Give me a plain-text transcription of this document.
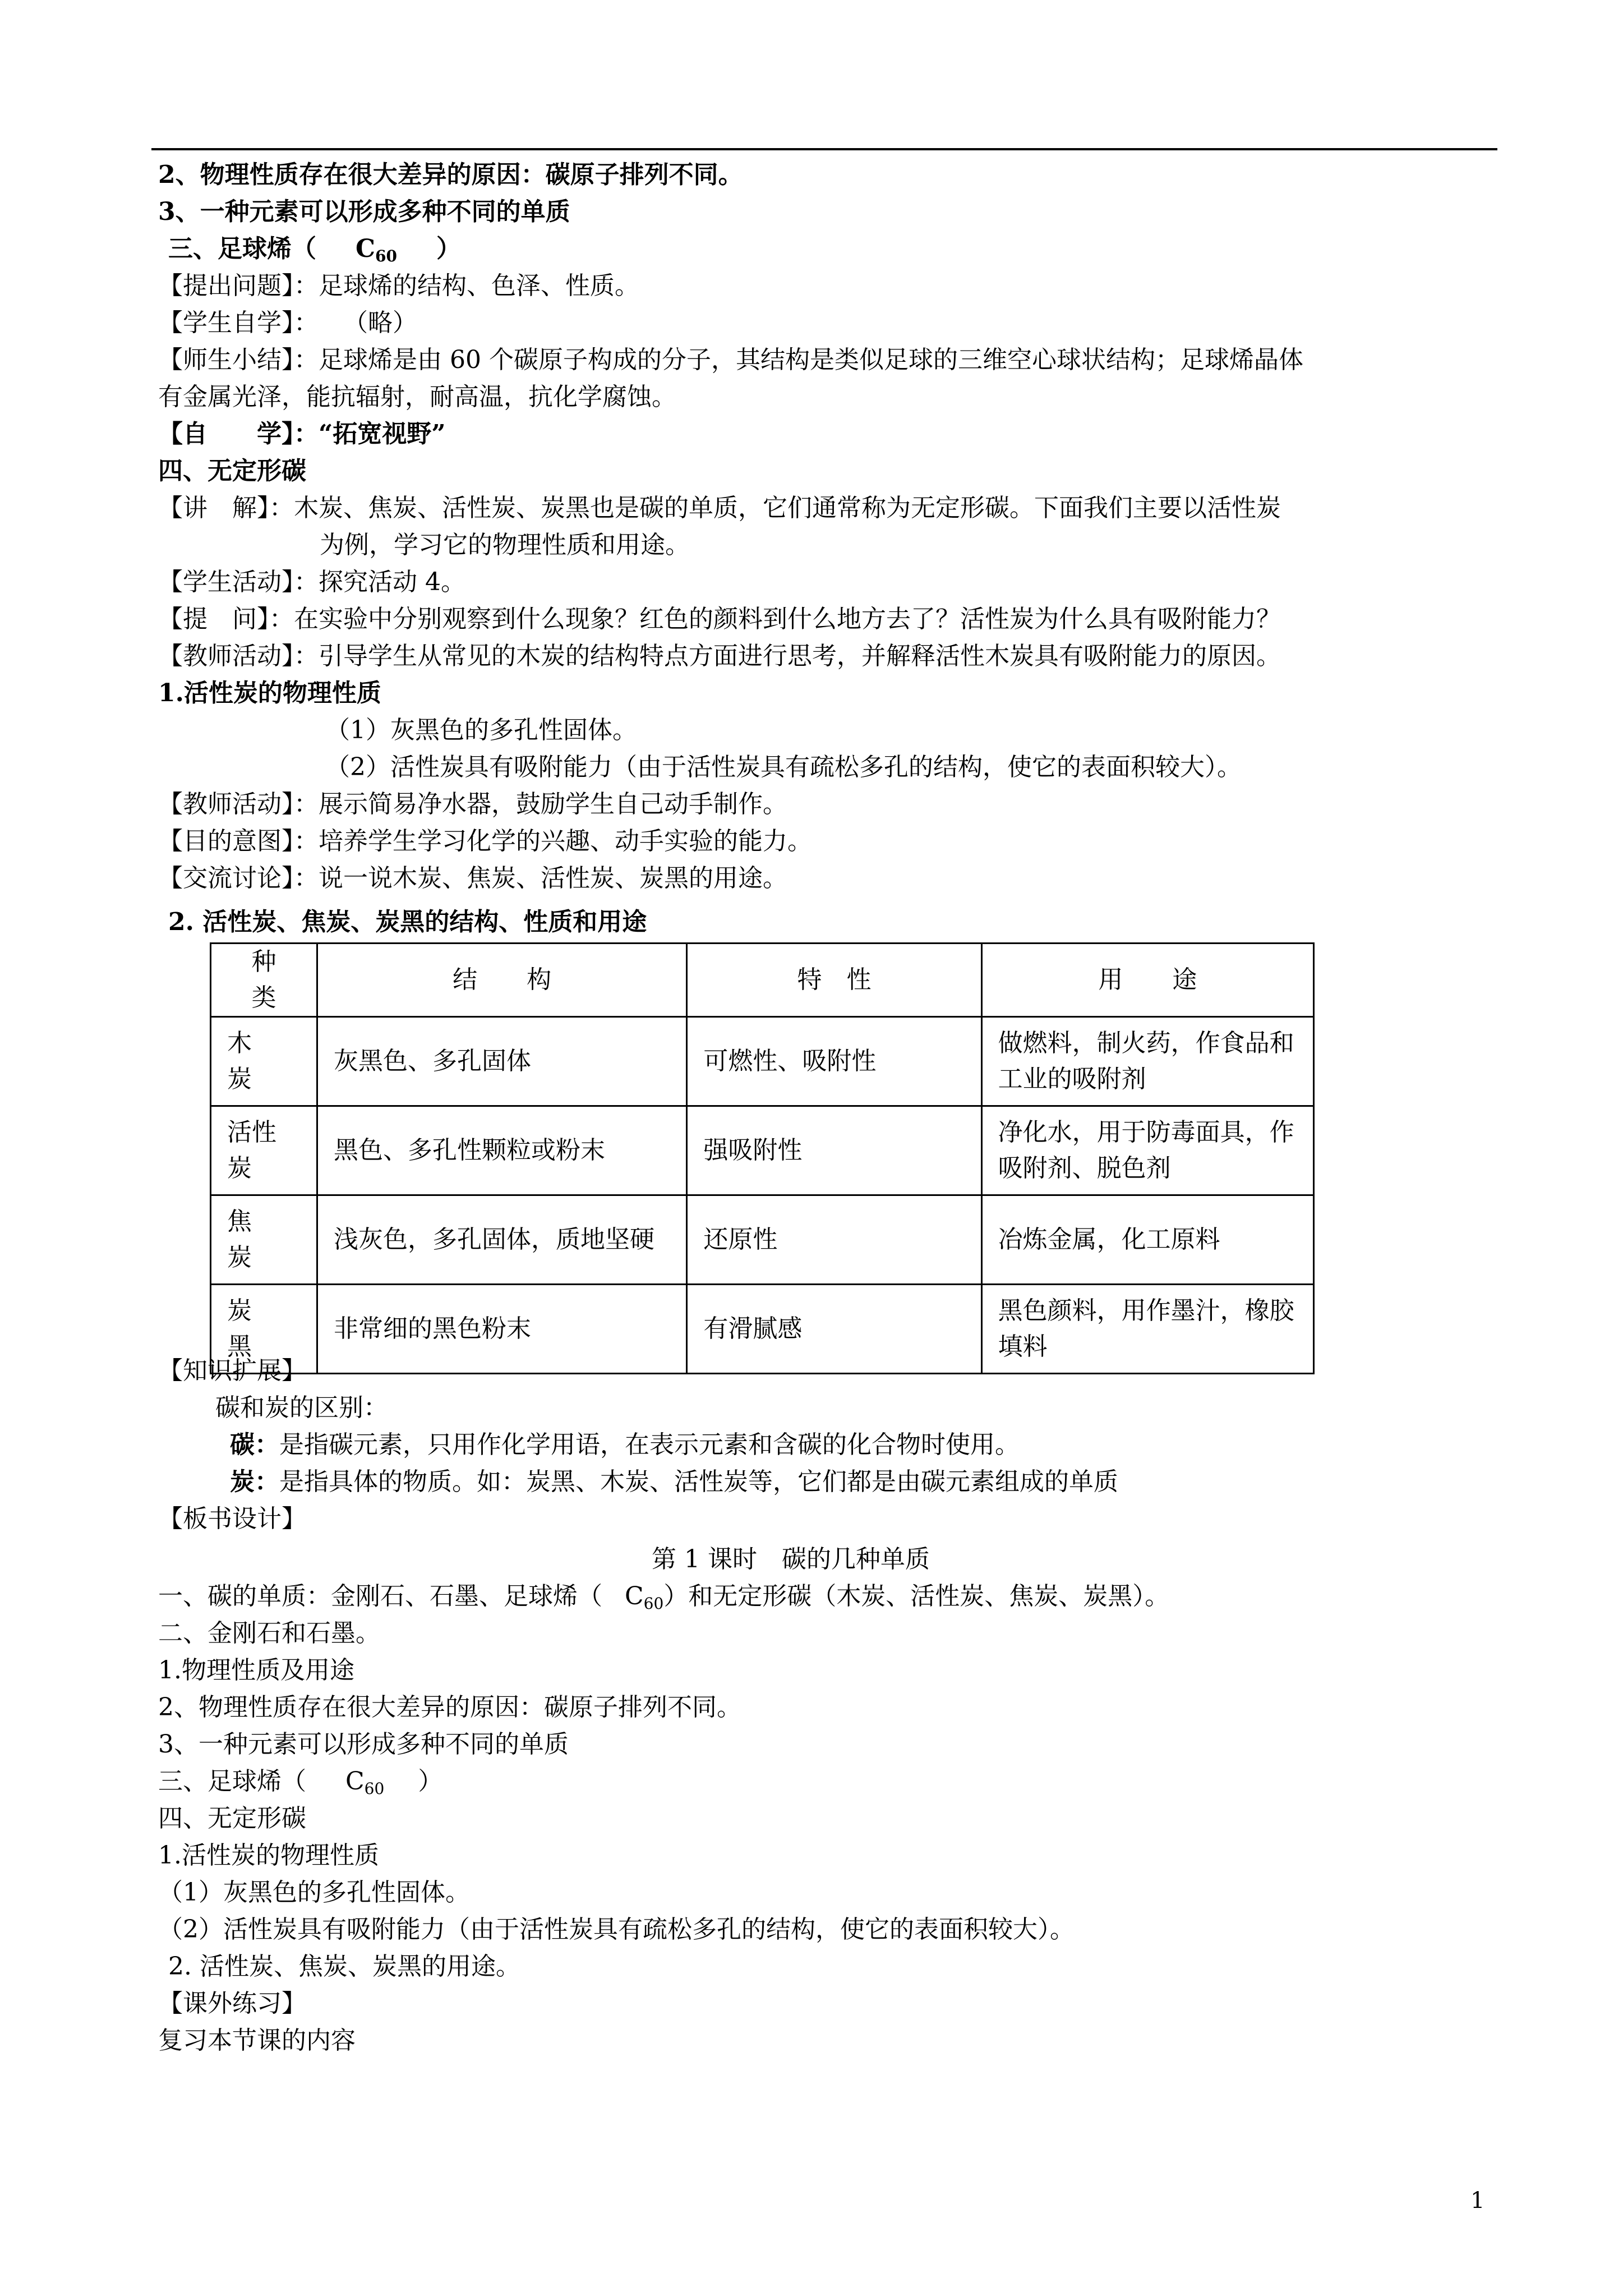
2、物理性质存在很大差异的原因：碳原子排列不同。
3、一种元素可以形成多种不同的单质
三、足球烯（ $C_{60}$ ）
【提出问题】：足球烯的结构、色泽、性质。
【学生自学】：　　（略）
【师生小结】：足球烯是由 60 个碳原子构成的分子，其结构是类似足球的三维空心球状结构；足球烯晶体
有金属光泽，能抗辐射，耐高温，抗化学腐蚀。
【自　　学】：“拓宽视野”
四、无定形碳
【讲　解】：木炭、焦炭、活性炭、炭黑也是碳的单质，它们通常称为无定形碳。下面我们主要以活性炭
为例，学习它的物理性质和用途。
【学生活动】：探究活动 4。
【提　问】：在实验中分别观察到什么现象？红色的颜料到什么地方去了？活性炭为什么具有吸附能力？
【教师活动】：引导学生从常见的木炭的结构特点方面进行思考，并解释活性木炭具有吸附能力的原因。
1.活性炭的物理性质
（1）灰黑色的多孔性固体。
（2）活性炭具有吸附能力（由于活性炭具有疏松多孔的结构，使它的表面积较大）。
【教师活动】：展示简易净水器，鼓励学生自己动手制作。
【目的意图】：培养学生学习化学的兴趣、动手实验的能力。
【交流讨论】：说一说木炭、焦炭、活性炭、炭黑的用途。
2. 活性炭、焦炭、炭黑的结构、性质和用途
种　类	结　　构	特　性	用　　途
木　炭	灰黑色、多孔固体	可燃性、吸附性	做燃料，制火药，作食品和工业的吸附剂
活性炭	黑色、多孔性颗粒或粉末	强吸附性	净化水，用于防毒面具，作吸附剂、脱色剂
焦　炭	浅灰色，多孔固体，质地坚硬	还原性	冶炼金属，化工原料
炭　黑	非常细的黑色粉末	有滑腻感	黑色颜料，用作墨汁，橡胶填料
【知识扩展】
碳和炭的区别：
碳：是指碳元素，只用作化学用语，在表示元素和含碳的化合物时使用。
炭：是指具体的物质。如：炭黑、木炭、活性炭等，它们都是由碳元素组成的单质
【板书设计】
第 1 课时　碳的几种单质
一、碳的单质：金刚石、石墨、足球烯（ $C_{60}$）和无定形碳（木炭、活性炭、焦炭、炭黑）。
二、金刚石和石墨。
1.物理性质及用途
2、物理性质存在很大差异的原因：碳原子排列不同。
3、一种元素可以形成多种不同的单质
三、足球烯（ $C_{60}$ ）
四、无定形碳
1.活性炭的物理性质
（1）灰黑色的多孔性固体。
（2）活性炭具有吸附能力（由于活性炭具有疏松多孔的结构，使它的表面积较大）。
2. 活性炭、焦炭、炭黑的用途。
【课外练习】
复习本节课的内容
1
